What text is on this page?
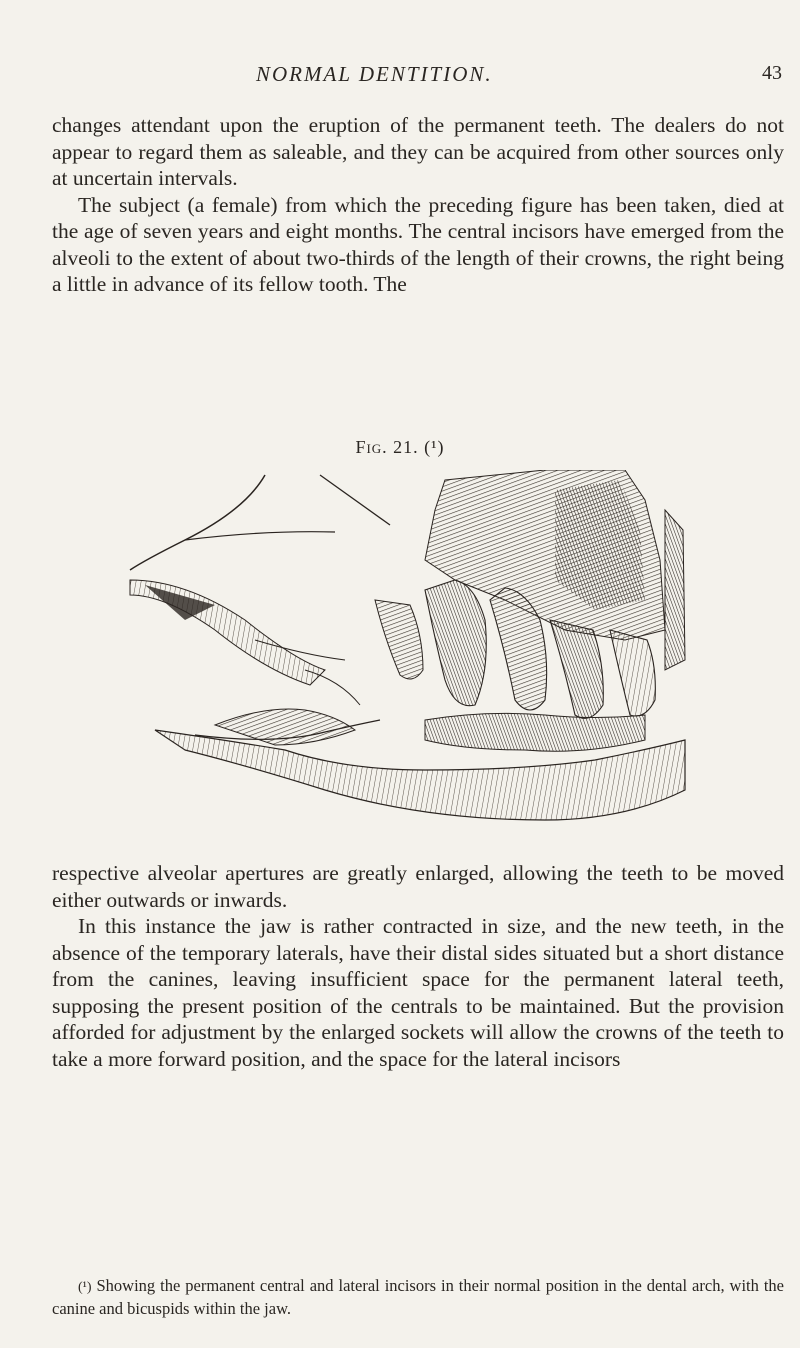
NORMAL DENTITION.	43

changes attendant upon the eruption of the permanent teeth. The dealers do not appear to regard them as saleable, and they can be acquired from other sources only at uncertain intervals.

The subject (a female) from which the preceding figure has been taken, died at the age of seven years and eight months. The central incisors have emerged from the alveoli to the extent of about two-thirds of the length of their crowns, the right being a little in advance of its fellow tooth. The

Fig. 21. (¹)

respective alveolar apertures are greatly enlarged, allowing the teeth to be moved either outwards or inwards.

In this instance the jaw is rather contracted in size, and the new teeth, in the absence of the temporary laterals, have their distal sides situated but a short distance from the canines, leaving insufficient space for the permanent lateral teeth, supposing the present position of the centrals to be maintained. But the provision afforded for adjustment by the enlarged sockets will allow the crowns of the teeth to take a more forward position, and the space for the lateral incisors

(¹) Showing the permanent central and lateral incisors in their normal position in the dental arch, with the canine and bicuspids within the jaw.
